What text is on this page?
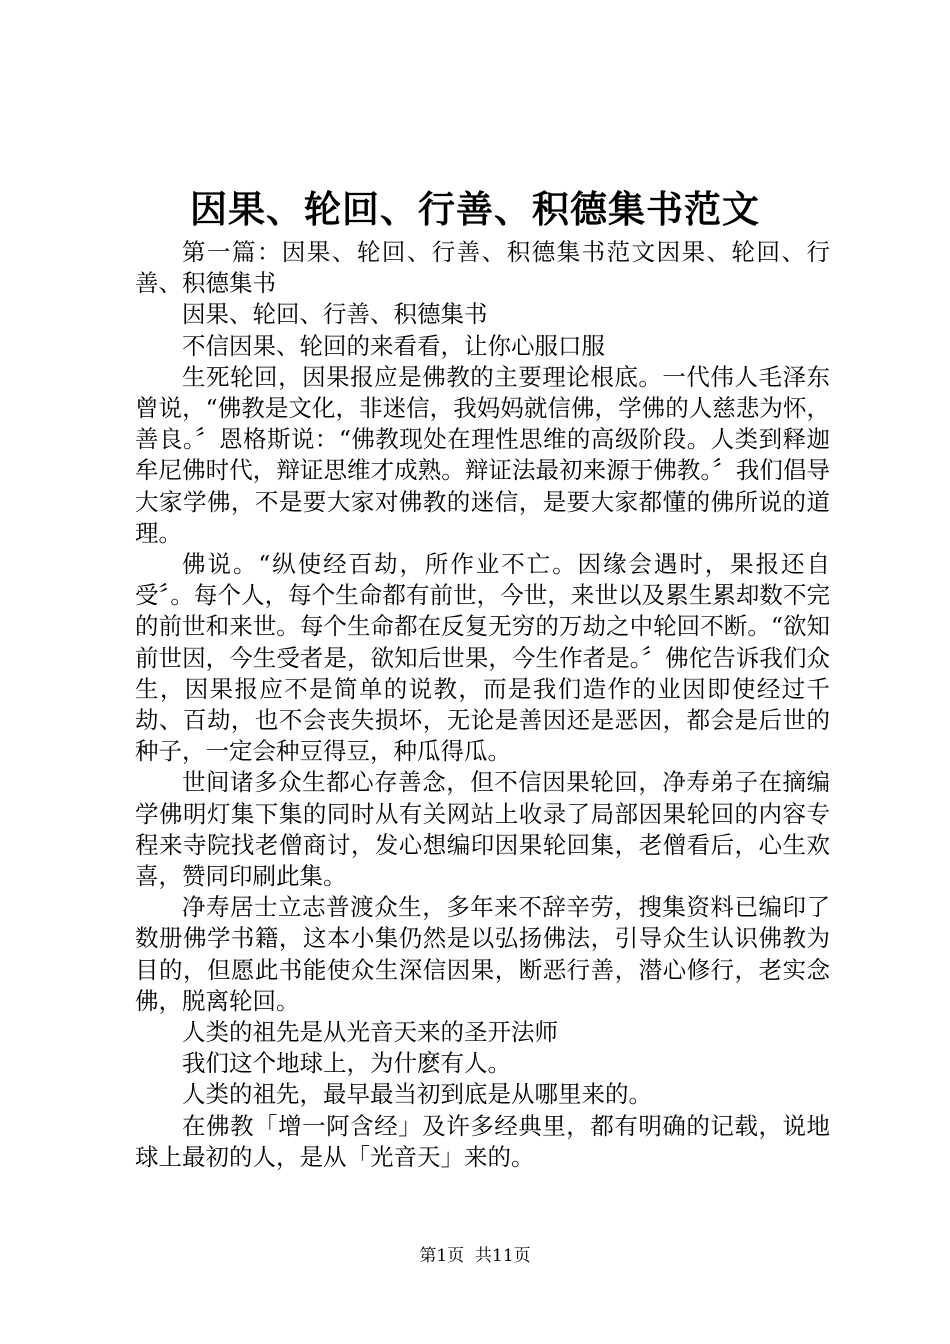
因果、轮回、行善、积德集书范文

第一篇：因果、轮回、行善、积德集书范文因果、轮回、行善、积德集书

因果、轮回、行善、积德集书

不信因果、轮回的来看看，让你心服口服

生死轮回，因果报应是佛教的主要理论根底。一代伟人毛泽东曾说，“佛教是文化，非迷信，我妈妈就信佛，学佛的人慈悲为怀，善良。〞恩格斯说：“佛教现处在理性思维的高级阶段。人类到释迦牟尼佛时代，辩证思维才成熟。辩证法最初来源于佛教。〞我们倡导大家学佛，不是要大家对佛教的迷信，是要大家都懂的佛所说的道理。

佛说。“纵使经百劫，所作业不亡。因缘会遇时，果报还自受〞。每个人，每个生命都有前世，今世，来世以及累生累却数不完的前世和来世。每个生命都在反复无穷的万劫之中轮回不断。“欲知前世因，今生受者是，欲知后世果，今生作者是。〞佛佗告诉我们众生，因果报应不是简单的说教，而是我们造作的业因即使经过千劫、百劫，也不会丧失损坏，无论是善因还是恶因，都会是后世的种子，一定会种豆得豆，种瓜得瓜。

世间诸多众生都心存善念，但不信因果轮回，净寿弟子在摘编学佛明灯集下集的同时从有关网站上收录了局部因果轮回的内容专程来寺院找老僧商讨，发心想编印因果轮回集，老僧看后，心生欢喜，赞同印刷此集。

净寿居士立志普渡众生，多年来不辞辛劳，搜集资料已编印了数册佛学书籍，这本小集仍然是以弘扬佛法，引导众生认识佛教为目的，但愿此书能使众生深信因果，断恶行善，潜心修行，老实念佛，脱离轮回。

人类的祖先是从光音天来的圣开法师

我们这个地球上，为什麽有人。

人类的祖先，最早最当初到底是从哪里来的。

在佛教「增一阿含经」及许多经典里，都有明确的记载，说地球上最初的人，是从「光音天」来的。

第1页 共11页
